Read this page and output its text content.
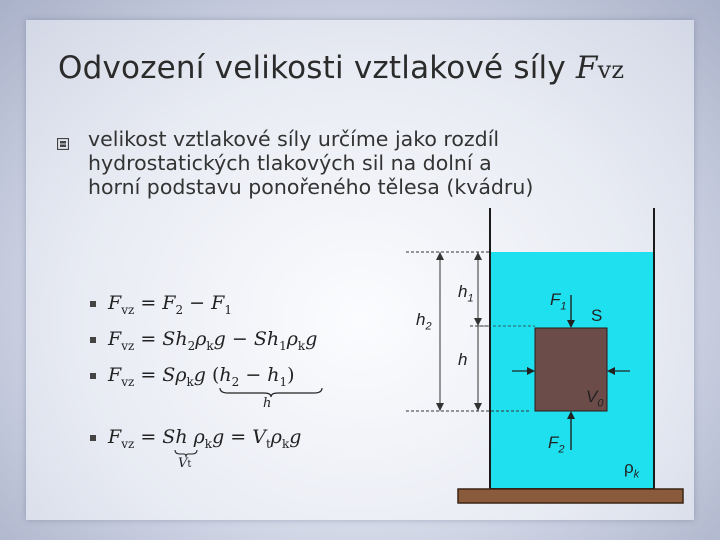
Odvození velikosti vztlakové síly Fvz
velikost vztlakové síly určíme jako rozdíl hydrostatických tlakových sil na dolní a horní podstavu ponořeného tělesa (kvádru)
$F_{vz} = F_2 - F_1$
$F_{vz} = Sh_2\rho_kg - Sh_1\rho_kg$
$F_{vz} = S\rho_kg$ $(h_2 - h_1)$
h
$F_{vz} = Sh$ $\rho_kg = V_t\rho_kg$
Vt
$h_1$
$h_2$
h
$F_1$ S
$V_0$
$F_2$
$\rho_k$
